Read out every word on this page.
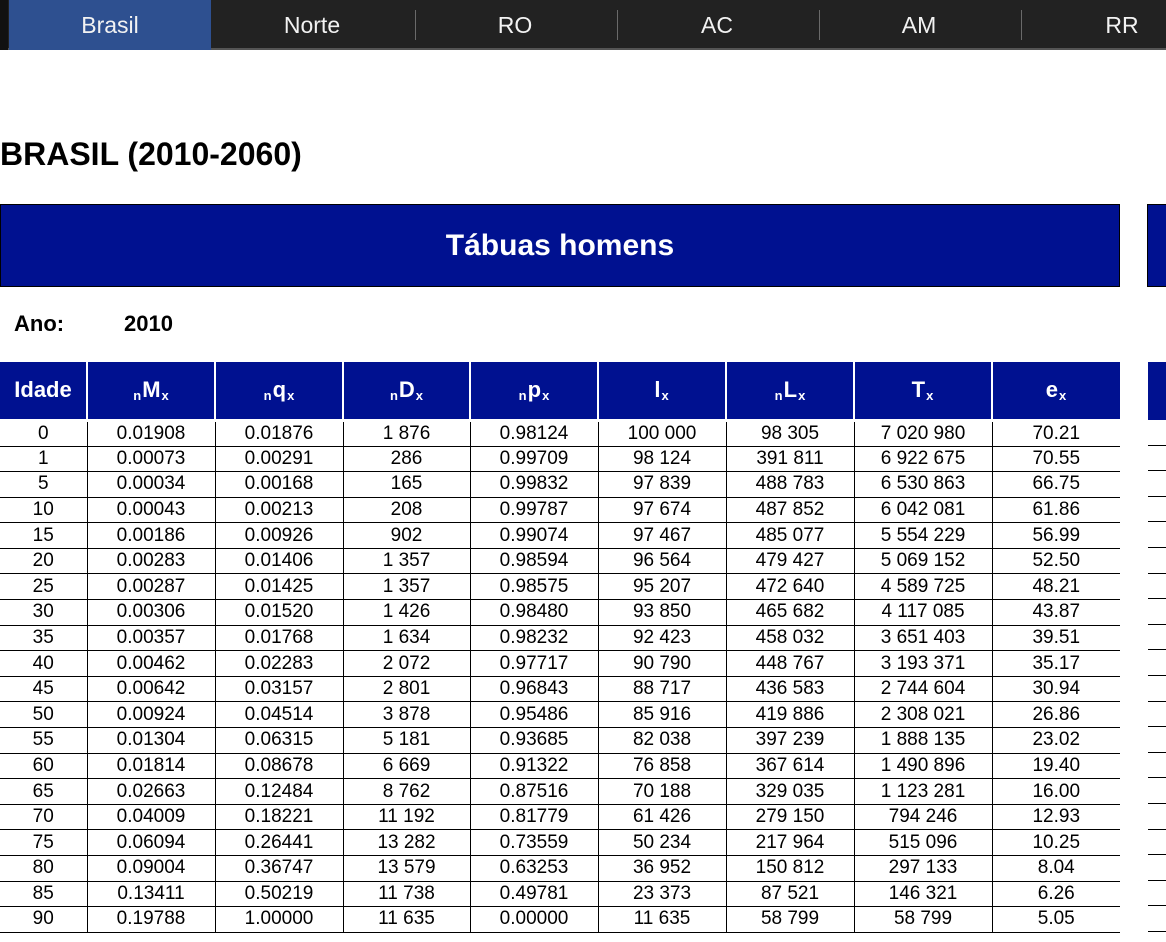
Brasil	Norte	RO	AC	AM	RR
BRASIL (2010-2060)
Tábuas homens
Ano:	2010
Idade	$_nM_x$	$_nq_x$	$_nD_x$	$_np_x$	$l_x$	$_nL_x$	$T_x$	$e_x$
0	0.01908	0.01876	1 876	0.98124	100 000	98 305	7 020 980	70.21
1	0.00073	0.00291	286	0.99709	98 124	391 811	6 922 675	70.55
5	0.00034	0.00168	165	0.99832	97 839	488 783	6 530 863	66.75
10	0.00043	0.00213	208	0.99787	97 674	487 852	6 042 081	61.86
15	0.00186	0.00926	902	0.99074	97 467	485 077	5 554 229	56.99
20	0.00283	0.01406	1 357	0.98594	96 564	479 427	5 069 152	52.50
25	0.00287	0.01425	1 357	0.98575	95 207	472 640	4 589 725	48.21
30	0.00306	0.01520	1 426	0.98480	93 850	465 682	4 117 085	43.87
35	0.00357	0.01768	1 634	0.98232	92 423	458 032	3 651 403	39.51
40	0.00462	0.02283	2 072	0.97717	90 790	448 767	3 193 371	35.17
45	0.00642	0.03157	2 801	0.96843	88 717	436 583	2 744 604	30.94
50	0.00924	0.04514	3 878	0.95486	85 916	419 886	2 308 021	26.86
55	0.01304	0.06315	5 181	0.93685	82 038	397 239	1 888 135	23.02
60	0.01814	0.08678	6 669	0.91322	76 858	367 614	1 490 896	19.40
65	0.02663	0.12484	8 762	0.87516	70 188	329 035	1 123 281	16.00
70	0.04009	0.18221	11 192	0.81779	61 426	279 150	794 246	12.93
75	0.06094	0.26441	13 282	0.73559	50 234	217 964	515 096	10.25
80	0.09004	0.36747	13 579	0.63253	36 952	150 812	297 133	8.04
85	0.13411	0.50219	11 738	0.49781	23 373	87 521	146 321	6.26
90	0.19788	1.00000	11 635	0.00000	11 635	58 799	58 799	5.05
